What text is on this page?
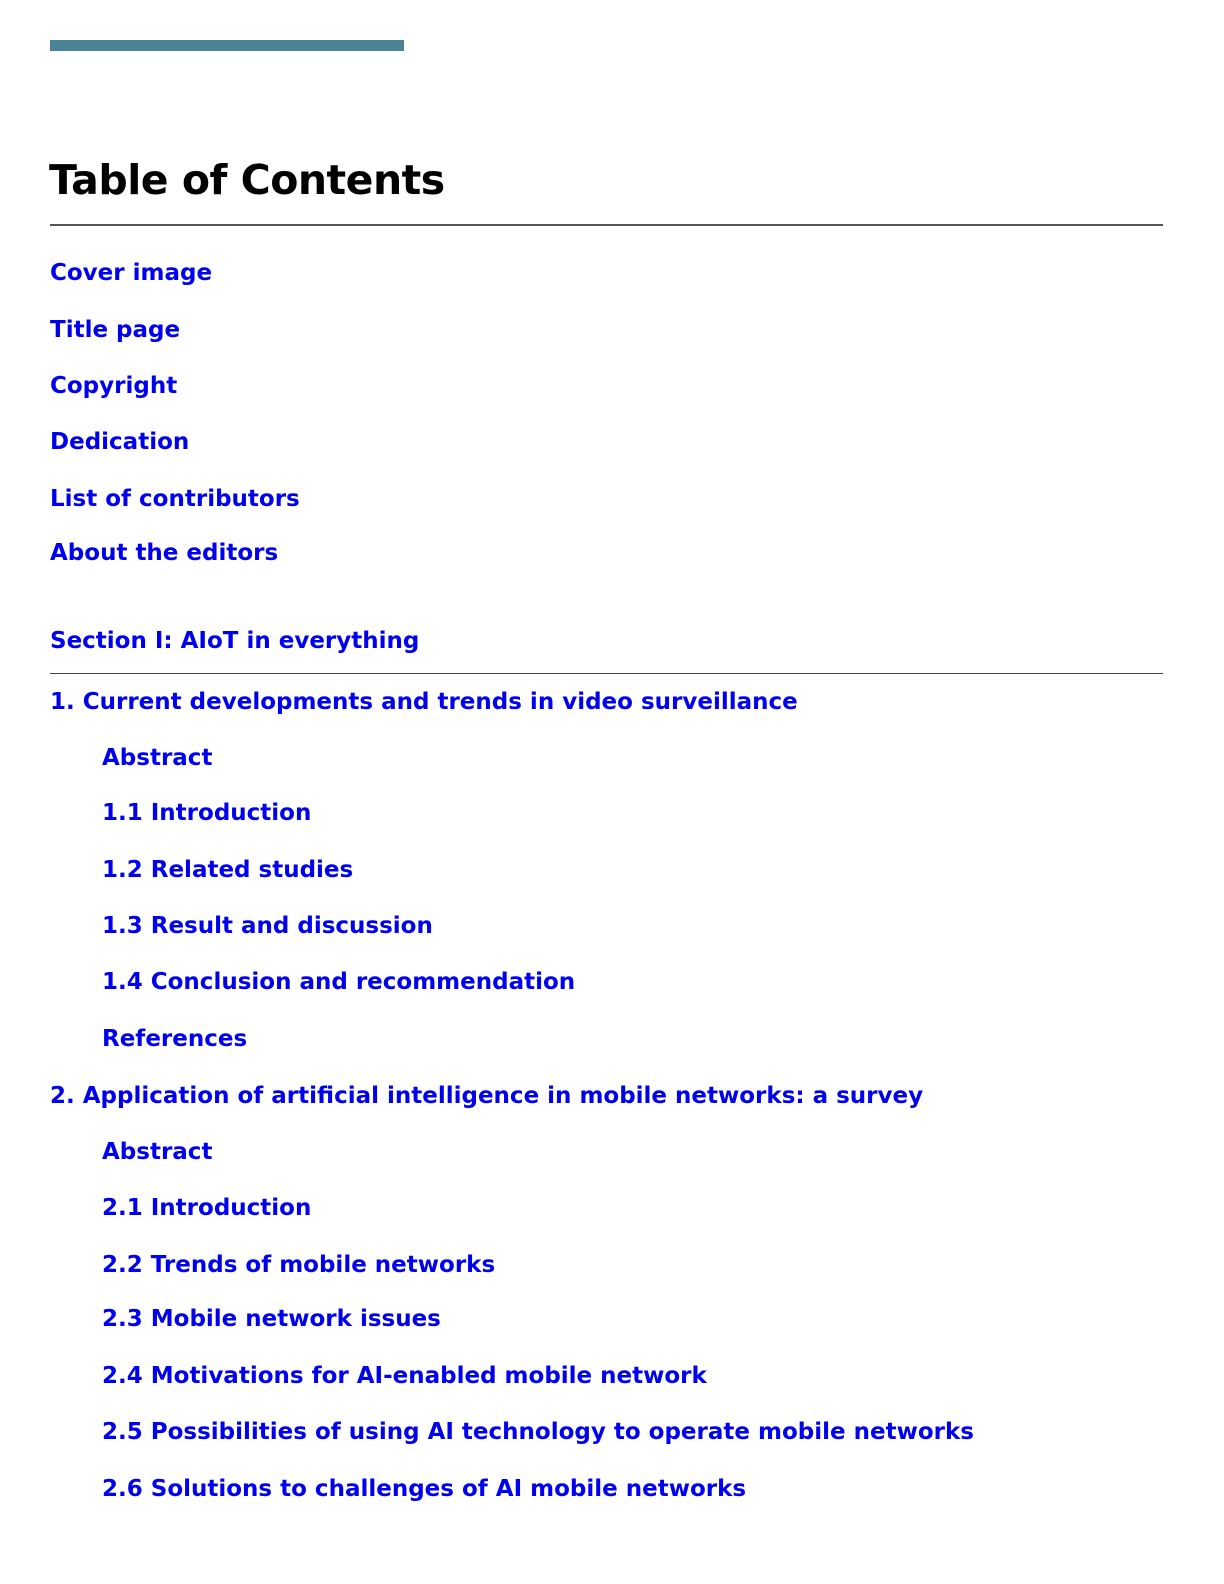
Table of Contents
Cover image
Title page
Copyright
Dedication
List of contributors
About the editors
Section I: AIoT in everything
1. Current developments and trends in video surveillance
Abstract
1.1 Introduction
1.2 Related studies
1.3 Result and discussion
1.4 Conclusion and recommendation
References
2. Application of artificial intelligence in mobile networks: a survey
Abstract
2.1 Introduction
2.2 Trends of mobile networks
2.3 Mobile network issues
2.4 Motivations for AI-enabled mobile network
2.5 Possibilities of using AI technology to operate mobile networks
2.6 Solutions to challenges of AI mobile networks
